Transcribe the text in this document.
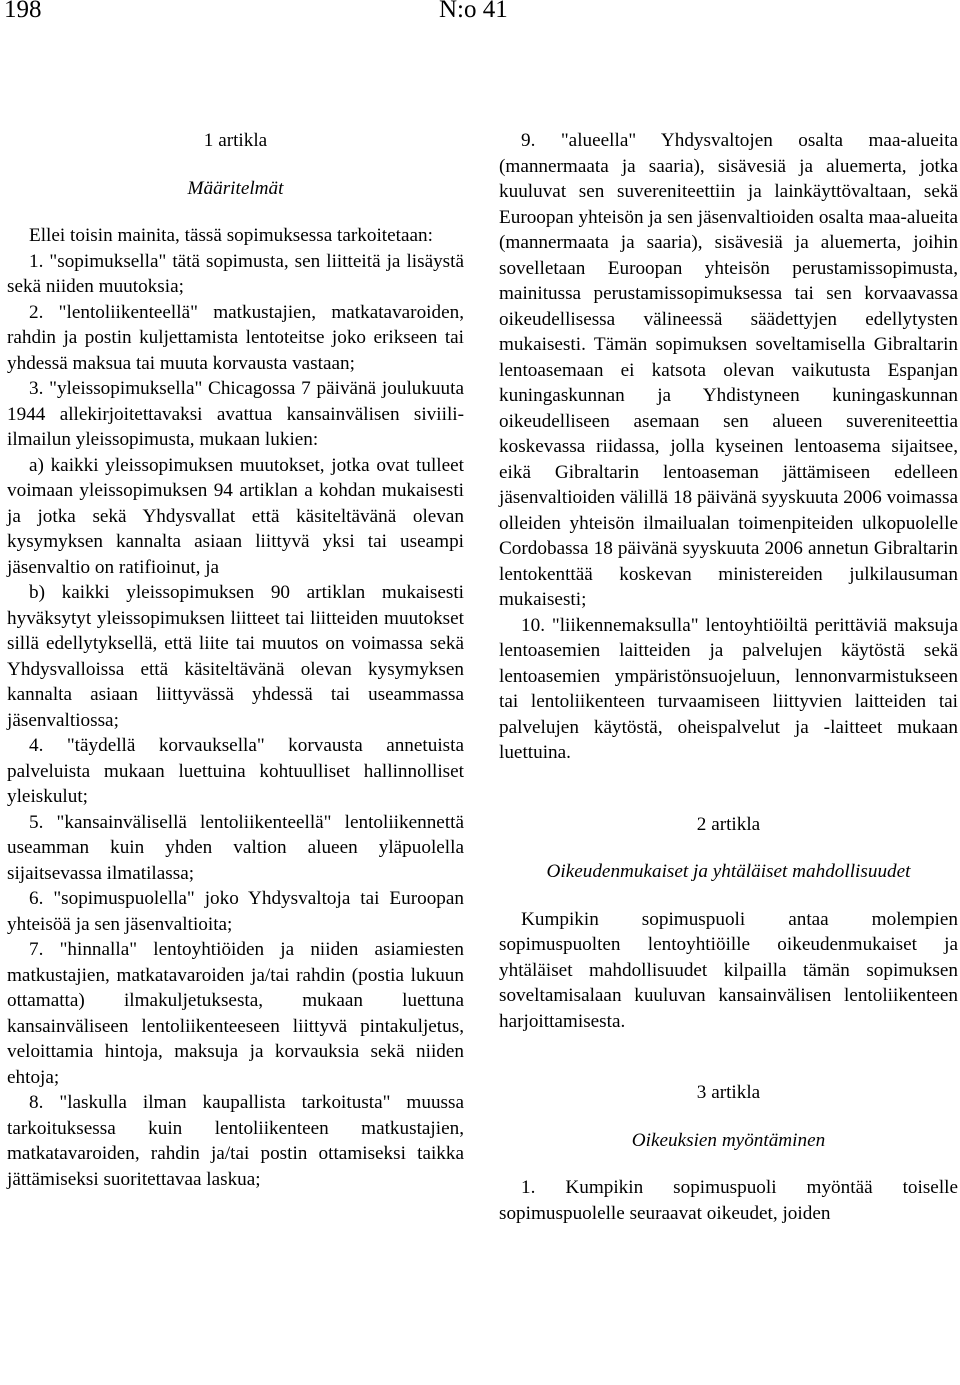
198	N:o 41

1 artikla

Määritelmät

Ellei toisin mainita, tässä sopimuksessa tarkoitetaan:

1. "sopimuksella" tätä sopimusta, sen liitteitä ja lisäystä sekä niiden muutoksia;

2. "lentoliikenteellä" matkustajien, matkatavaroiden, rahdin ja postin kuljettamista lentoteitse joko erikseen tai yhdessä maksua tai muuta korvausta vastaan;

3. "yleissopimuksella" Chicagossa 7 päivänä joulukuuta 1944 allekirjoitettavaksi avattua kansainvälisen siviili-ilmailun yleissopimusta, mukaan lukien:

a) kaikki yleissopimuksen muutokset, jotka ovat tulleet voimaan yleissopimuksen 94 artiklan a kohdan mukaisesti ja jotka sekä Yhdysvallat että käsiteltävänä olevan kysymyksen kannalta asiaan liittyvä yksi tai useampi jäsenvaltio on ratifioinut, ja

b) kaikki yleissopimuksen 90 artiklan mukaisesti hyväksytyt yleissopimuksen liitteet tai liitteiden muutokset sillä edellytyksellä, että liite tai muutos on voimassa sekä Yhdysvalloissa että käsiteltävänä olevan kysymyksen kannalta asiaan liittyvässä yhdessä tai useammassa jäsenvaltiossa;

4. "täydellä korvauksella" korvausta annetuista palveluista mukaan luettuina kohtuulliset hallinnolliset yleiskulut;

5. "kansainvälisellä lentoliikenteellä" lentoliikennettä useamman kuin yhden valtion alueen yläpuolella sijaitsevassa ilmatilassa;

6. "sopimuspuolella" joko Yhdysvaltoja tai Euroopan yhteisöä ja sen jäsenvaltioita;

7. "hinnalla" lentoyhtiöiden ja niiden asiamiesten matkustajien, matkatavaroiden ja/tai rahdin (postia lukuun ottamatta) ilmakuljetuksesta, mukaan luettuna kansainväliseen lentoliikenteeseen liittyvä pintakuljetus, veloittamia hintoja, maksuja ja korvauksia sekä niiden ehtoja;

8. "laskulla ilman kaupallista tarkoitusta" muussa tarkoituksessa kuin lentoliikenteen matkustajien, matkatavaroiden, rahdin ja/tai postin ottamiseksi taikka jättämiseksi suoritettavaa laskua;

9. "alueella" Yhdysvaltojen osalta maa-alueita (mannermaata ja saaria), sisävesiä ja aluemerta, jotka kuuluvat sen suvereniteettiin ja lainkäyttövaltaan, sekä Euroopan yhteisön ja sen jäsenvaltioiden osalta maa-alueita (mannermaata ja saaria), sisävesiä ja aluemerta, joihin sovelletaan Euroopan yhteisön perustamissopimusta, mainitussa perustamissopimuksessa tai sen korvaavassa oikeudellisessa välineessä säädettyjen edellytysten mukaisesti. Tämän sopimuksen soveltamisella Gibraltarin lentoasemaan ei katsota olevan vaikutusta Espanjan kuningaskunnan ja Yhdistyneen kuningaskunnan oikeudelliseen asemaan sen alueen suvereniteettia koskevassa riidassa, jolla kyseinen lentoasema sijaitsee, eikä Gibraltarin lentoaseman jättämiseen edelleen jäsenvaltioiden välillä 18 päivänä syyskuuta 2006 voimassa olleiden yhteisön ilmailualan toimenpiteiden ulkopuolelle Cordobassa 18 päivänä syyskuuta 2006 annetun Gibraltarin lentokenttää koskevan ministereiden julkilausuman mukaisesti;

10. "liikennemaksulla" lentoyhtiöiltä perittäviä maksuja lentoasemien laitteiden ja palvelujen käytöstä sekä lentoasemien ympäristönsuojeluun, lennonvarmistukseen tai lentoliikenteen turvaamiseen liittyvien laitteiden tai palvelujen käytöstä, oheispalvelut ja -laitteet mukaan luettuina.

2 artikla

Oikeudenmukaiset ja yhtäläiset mahdollisuudet

Kumpikin sopimuspuoli antaa molempien sopimuspuolten lentoyhtiöille oikeudenmukaiset ja yhtäläiset mahdollisuudet kilpailla tämän sopimuksen soveltamisalaan kuuluvan kansainvälisen lentoliikenteen harjoittamisesta.

3 artikla

Oikeuksien myöntäminen

1. Kumpikin sopimuspuoli myöntää toiselle sopimuspuolelle seuraavat oikeudet, joiden
